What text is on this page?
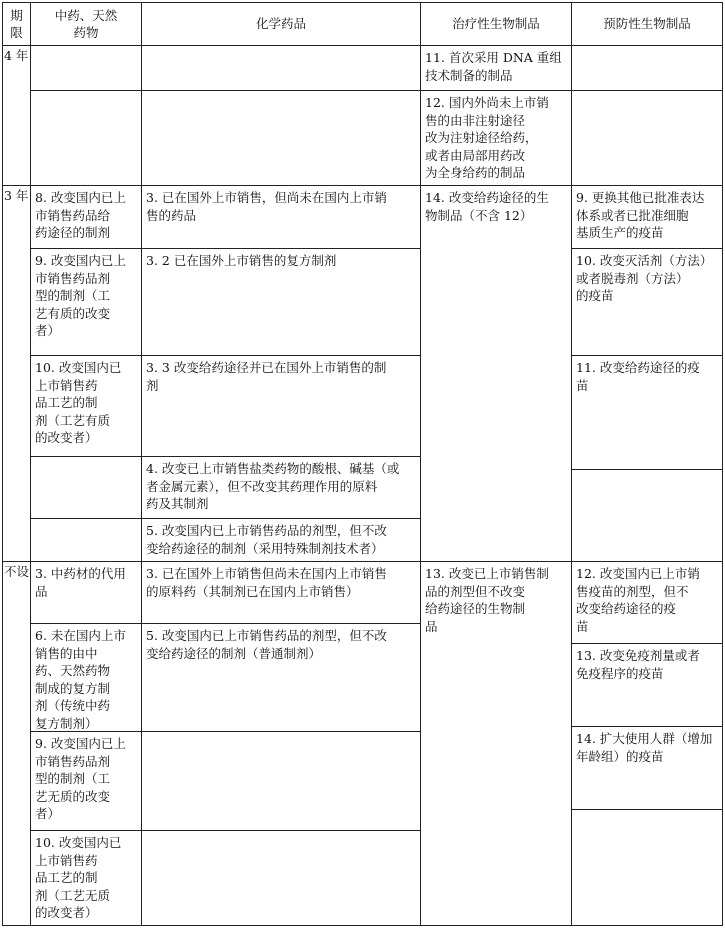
期
限
中药、天然
药物
化学药品	治疗性生物制品	预防性生物制品
4 年
3 年
不设
11. 首次采用 DNA 重组
技术制备的制品
12. 国内外尚未上市销
售的由非注射途径
改为注射途径给药，
或者由局部用药改
为全身给药的制品
8. 改变国内已上
市销售药品给
药途径的制剂
9. 改变国内已上
市销售药品剂
型的制剂（工
艺有质的改变
者）
10. 改变国内已
上市销售药
品工艺的制
剂（工艺有质
的改变者）
3. 已在国外上市销售，但尚未在国内上市销
售的药品
3. 2 已在国外上市销售的复方制剂
3. 3 改变给药途径并已在国外上市销售的制
剂
4. 改变已上市销售盐类药物的酸根、碱基（或
者金属元素），但不改变其药理作用的原料
药及其制剂
5. 改变国内已上市销售药品的剂型，但不改
变给药途径的制剂（采用特殊制剂技术者）
14. 改变给药途径的生
物制品（不含 12）
9. 更换其他已批准表达
体系或者已批准细胞
基质生产的疫苗
10. 改变灭活剂（方法）
或者脱毒剂（方法）
的疫苗
11. 改变给药途径的疫
苗
3. 中药材的代用
品
6. 未在国内上市
销售的由中
药、天然药物
制成的复方制
剂（传统中药
复方制剂）
9. 改变国内已上
市销售药品剂
型的制剂（工
艺无质的改变
者）
10. 改变国内已
上市销售药
品工艺的制
剂（工艺无质
的改变者）
3. 已在国外上市销售但尚未在国内上市销售
的原料药（其制剂已在国内上市销售）
5. 改变国内已上市销售药品的剂型，但不改
变给药途径的制剂（普通制剂）
13. 改变已上市销售制
品的剂型但不改变
给药途径的生物制
品
12. 改变国内已上市销
售疫苗的剂型，但不
改变给药途径的疫
苗
13. 改变免疫剂量或者
免疫程序的疫苗
14. 扩大使用人群（增加
年龄组）的疫苗
